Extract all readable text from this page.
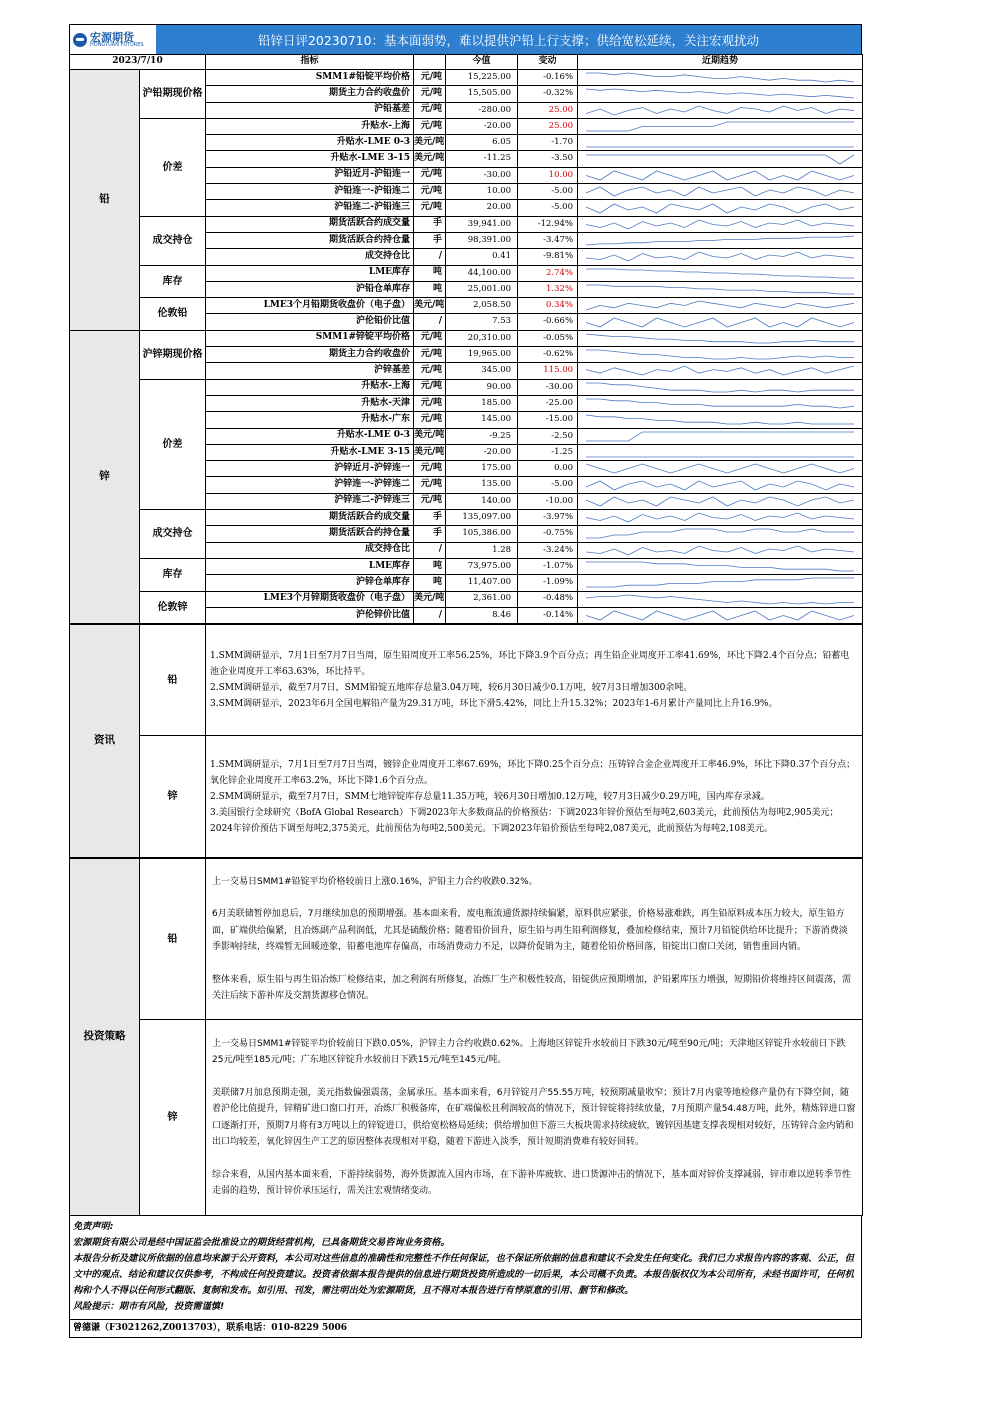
宏源期货
HONGYUAN FUTURES	铅锌日评20230710：基本面弱势，难以提供沪铅上行支撑；供给宽松延续，关注宏观扰动
2023/7/10		指标		今值	变动	近期趋势
铅	沪铅期现价格	SMM1#铅锭平均价格	元/吨	15,225.00	-0.16%	

		期货主力合约收盘价	元/吨	15,505.00	-0.32%	

		沪铅基差	元/吨	-280.00	25.00	

	价差	升贴水-上海	元/吨	-20.00	25.00	

		升贴水-LME 0-3	美元/吨	6.05	-1.70	

		升贴水-LME 3-15	美元/吨	-11.25	-3.50	

		沪铅近月-沪铅连一	元/吨	-30.00	10.00	

		沪铅连一-沪铅连二	元/吨	10.00	-5.00	

		沪铅连二-沪铅连三	元/吨	20.00	-5.00	

	成交持仓	期货活跃合约成交量	手	39,941.00	-12.94%	

		期货活跃合约持仓量	手	98,391.00	-3.47%	

		成交持仓比	/	0.41	-9.81%	

	库存	LME库存	吨	44,100.00	2.74%	

		沪铅仓单库存	吨	25,001.00	1.32%	

	伦敦铅	LME3个月铅期货收盘价（电子盘）	美元/吨	2,058.50	0.34%	

		沪伦铅价比值	/	7.53	-0.66%	

锌	沪锌期现价格	SMM1#锌锭平均价格	元/吨	20,310.00	-0.05%	

		期货主力合约收盘价	元/吨	19,965.00	-0.62%	

		沪锌基差	元/吨	345.00	115.00	

	价差	升贴水-上海	元/吨	90.00	-30.00	

		升贴水-天津	元/吨	185.00	-25.00	

		升贴水-广东	元/吨	145.00	-15.00	

		升贴水-LME 0-3	美元/吨	-9.25	-2.50	

		升贴水-LME 3-15	美元/吨	-20.00	-1.25	

		沪锌近月-沪锌连一	元/吨	175.00	0.00	

		沪锌连一-沪锌连二	元/吨	135.00	-5.00	

		沪锌连二-沪锌连三	元/吨	140.00	-10.00	

	成交持仓	期货活跃合约成交量	手	135,097.00	-3.97%	

		期货活跃合约持仓量	手	105,386.00	-0.75%	

		成交持仓比	/	1.28	-3.24%	

	库存	LME库存	吨	73,975.00	-1.07%	

		沪锌仓单库存	吨	11,407.00	-1.09%	

	伦敦锌	LME3个月锌期货收盘价（电子盘）	美元/吨	2,361.00	-0.48%	

		沪伦锌价比值	/	8.46	-0.14%	
资讯	铅	1.SMM调研显示，7月1日至7月7日当周，原生铅周度开工率56.25%，环比下降3.9个百分点；再生铅企业周度开工率41.69%，环比下降2.4个百分点；铅蓄电池企业周度开工率63.63%，环比持平。
2.SMM调研显示，截至7月7日，SMM铅锭五地库存总量3.04万吨，较6月30日减少0.1万吨，较7月3日增加300余吨。
3.SMM调研显示，2023年6月全国电解铅产量为29.31万吨，环比下滑5.42%，同比上升15.32%；2023年1-6月累计产量同比上升16.9%。

	锌	1.SMM调研显示，7月1日至7月7日当周，镀锌企业周度开工率67.69%，环比下降0.25个百分点；压铸锌合金企业周度开工率46.9%，环比下降0.37个百分点；氧化锌企业周度开工率63.2%，环比下降1.6个百分点。
2.SMM调研显示，截至7月7日，SMM七地锌锭库存总量11.35万吨，较6月30日增加0.12万吨，较7月3日减少0.29万吨，国内库存录减。
3.美国银行全球研究（BofA Global Research）下调2023年大多数商品的价格预估：下调2023年锌价预估至每吨2,603美元，此前预估为每吨2,905美元；2024年锌价预估下调至每吨2,375美元，此前预估为每吨2,500美元。下调2023年铅价预估至每吨2,087美元，此前预估为每吨2,108美元。
投资策略	铅	上一交易日SMM1#铅锭平均价格较前日上涨0.16%，沪铅主力合约收跌0.32%。

6月美联储暂停加息后，7月继续加息的预期增强。基本面来看，废电瓶流通货源持续偏紧，原料供应紧张，价格易涨难跌，再生铅原料成本压力较大，原生铅方面，矿端供给偏紧，且冶炼副产品利润低，尤其是硫酸价格；随着铅价回升，原生铅与再生铅利润修复，叠加检修结束，预计7月铅锭供给环比提升；下游消费淡季影响持续，终端暂无回暖迹象，铅蓄电池库存偏高，市场消费动力不足，以降价促销为主，随着伦铅价格回落，铅锭出口窗口关闭，销售重回内销。

整体来看，原生铅与再生铅冶炼厂检修结束，加之利润有所修复，冶炼厂生产积极性较高，铅锭供应预期增加，沪铅累库压力增强，短期铅价将维持区间震荡，需关注后续下游补库及交割货源移仓情况。

	锌	上一交易日SMM1#锌锭平均价较前日下跌0.05%，沪锌主力合约收跌0.62%。上海地区锌锭升水较前日下跌30元/吨至90元/吨；天津地区锌锭升水较前日下跌25元/吨至185元/吨；广东地区锌锭升水较前日下跌15元/吨至145元/吨。

美联储7月加息预期走强，美元指数偏强震荡，金属承压。基本面来看，6月锌锭月产55.55万吨，较预期减量收窄；预计7月内蒙等地检修产量仍有下降空间，随着沪伦比值提升，锌精矿进口窗口打开，冶炼厂积极备库，在矿端偏松且利润较高的情况下，预计锌锭将持续放量，7月预期产量54.48万吨，此外，精炼锌进口窗口逐渐打开，预期7月将有3万吨以上的锌锭进口，供给宽松格局延续；供给增加但下游三大板块需求持续疲软，镀锌因基建支撑表现相对较好，压铸锌合金内销和出口均较差，氧化锌因生产工艺的原因整体表现相对平稳，随着下游进入淡季，预计短期消费难有较好回转。

综合来看，从国内基本面来看，下游持续弱势，海外货源流入国内市场，在下游补库疲软、进口货源冲击的情况下，基本面对锌价支撑减弱，锌市难以逆转季节性走弱的趋势，预计锌价承压运行，需关注宏观情绪变动。

免责声明:
宏源期货有限公司是经中国证监会批准设立的期货经营机构，已具备期货交易咨询业务资格。
本报告分析及建议所依据的信息均来源于公开资料，本公司对这些信息的准确性和完整性不作任何保证，也不保证所依据的信息和建议不会发生任何变化。我们已力求报告内容的客观、公正，但文中的观点、结论和建议仅供参考，不构成任何投资建议。投资者依据本报告提供的信息进行期货投资所造成的一切后果，本公司概不负责。本报告版权仅为本公司所有，未经书面许可，任何机构和个人不得以任何形式翻版、复制和发布。如引用、刊发，需注明出处为宏源期货，且不得对本报告进行有悖原意的引用、删节和修改。
风险提示：期市有风险，投资需谨慎!
曾德谦（F3021262,Z0013703），联系电话：010-8229 5006
